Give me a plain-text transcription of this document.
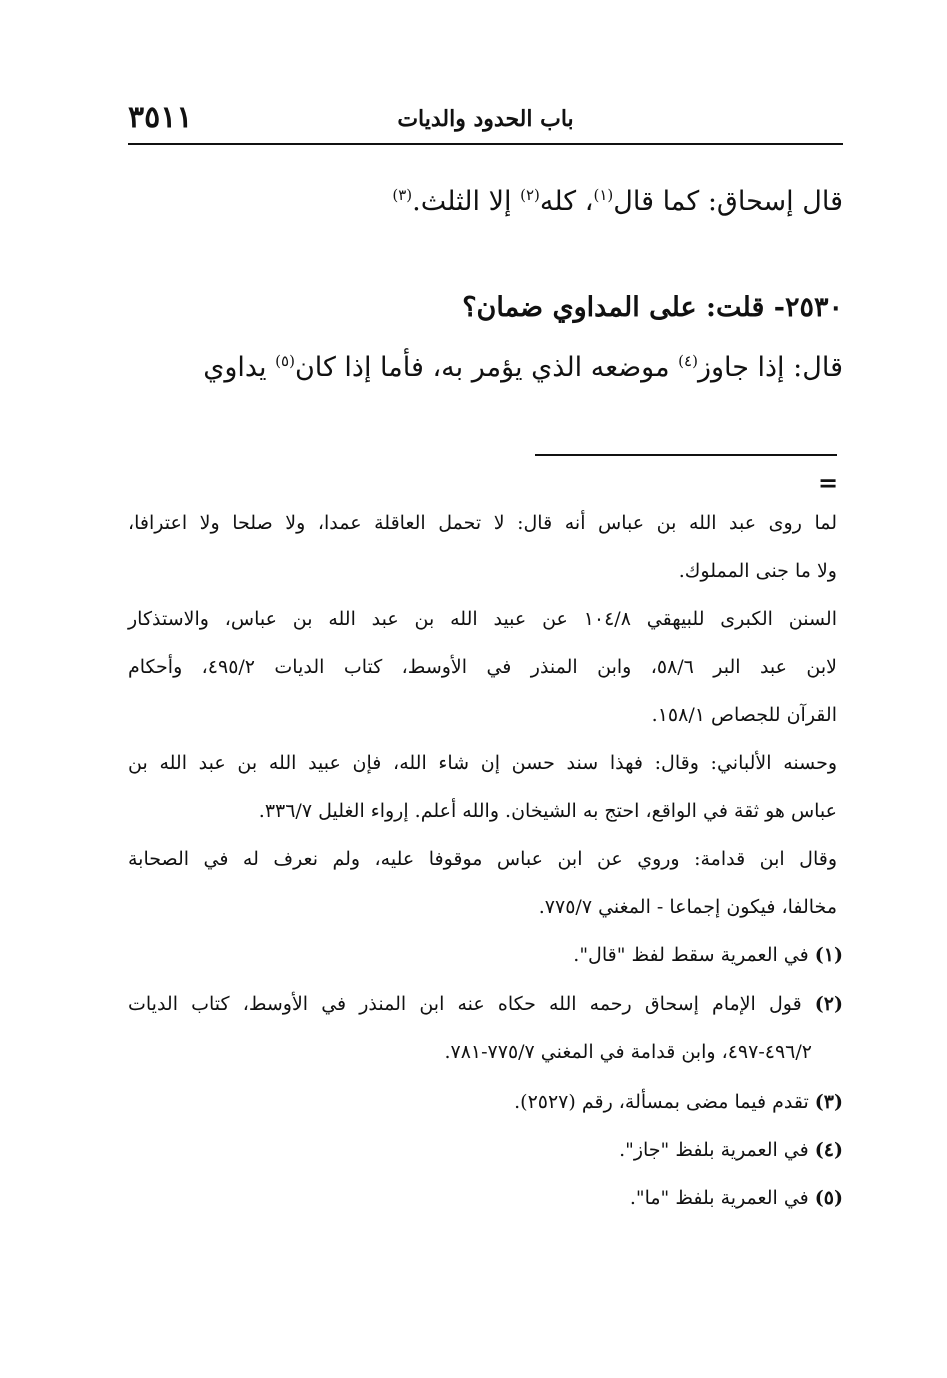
٣٥١١	باب الحدود والديات
قال إسحاق: كما قال$^{(١)}$، كله$^{(٢)}$ إلا الثلث.$^{(٣)}$
٢٥٣٠- قلت: على المداوي ضمان؟
قال: إذا جاوز$^{(٤)}$ موضعه الذي يؤمر به، فأما إذا كان$^{(٥)}$ يداوي
=
لما روى عبد الله بن عباس أنه قال: لا تحمل العاقلة عمدا، ولا صلحا ولا اعترافا،
ولا ما جنى المملوك.
السنن الكبرى للبيهقي ١٠٤/٨ عن عبيد الله بن عبد الله بن عباس، والاستذكار
لابن عبد البر ٥٨/٦، وابن المنذر في الأوسط، كتاب الديات ٤٩٥/٢، وأحكام
القرآن للجصاص ١٥٨/١.
وحسنه الألباني: وقال: فهذا سند حسن إن شاء الله، فإن عبيد الله بن عبد الله بن
عباس هو ثقة في الواقع، احتج به الشيخان. والله أعلم. إرواء الغليل ٣٣٦/٧.
وقال ابن قدامة: وروي عن ابن عباس موقوفا عليه، ولم نعرف له في الصحابة
مخالفا، فيكون إجماعا - المغني ٧٧٥/٧.
(١) في العمرية سقط لفظ "قال".
(٢) قول الإمام إسحاق رحمه الله حكاه عنه ابن المنذر في الأوسط، كتاب الديات
٤٩٦/٢-٤٩٧، وابن قدامة في المغني ٧٧٥/٧-٧٨١.
(٣) تقدم فيما مضى بمسألة، رقم (٢٥٢٧).
(٤) في العمرية بلفظ "جاز".
(٥) في العمرية بلفظ "ما".
